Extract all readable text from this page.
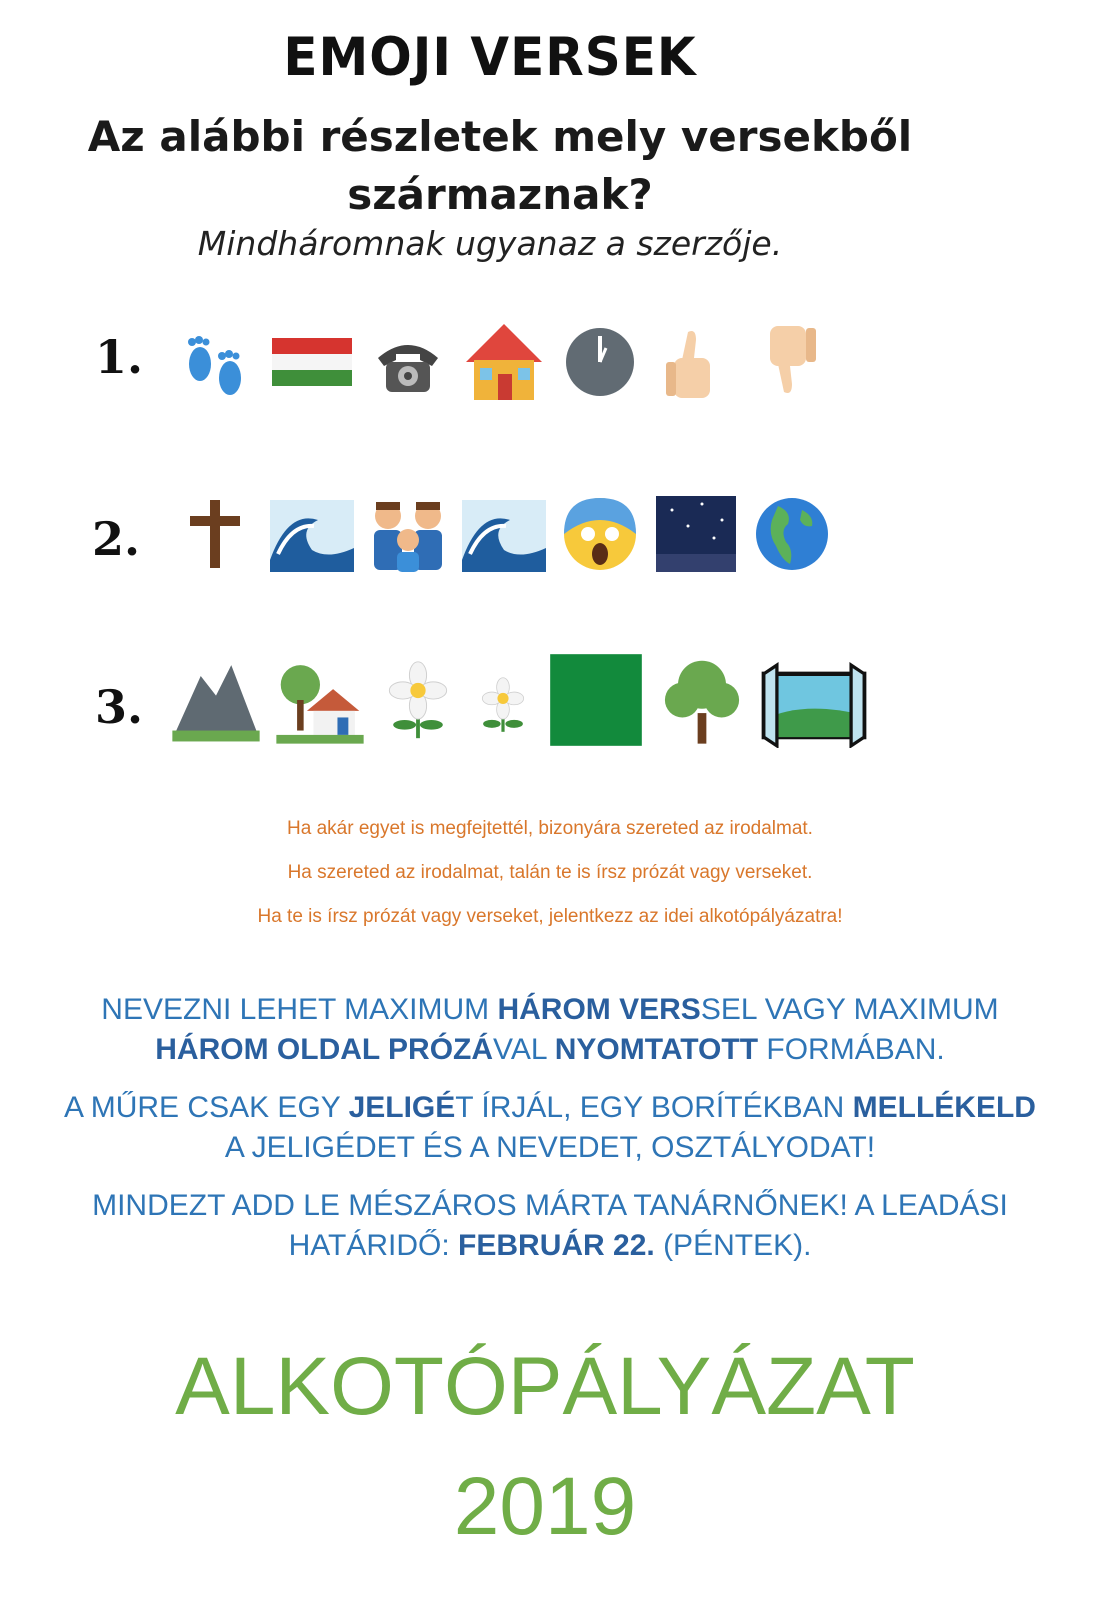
EMOJI VERSEK
Az alábbi részletek mely versekből
származnak?
Mindháromnak ugyanaz a szerzője.
1.
2.
3.
Ha akár egyet is megfejtettél, bizonyára szereted az irodalmat.
Ha szereted az irodalmat, talán te is írsz prózát vagy verseket.
Ha te is írsz prózát vagy verseket, jelentkezz az idei alkotópályázatra!
NEVEZNI LEHET MAXIMUM HÁROM VERSSEL VAGY MAXIMUM
HÁROM OLDAL PRÓZÁVAL NYOMTATOTT FORMÁBAN.
A MŰRE CSAK EGY JELIGÉT ÍRJÁL, EGY BORÍTÉKBAN MELLÉKELD
A JELIGÉDET ÉS A NEVEDET, OSZTÁLYODAT!
MINDEZT ADD LE MÉSZÁROS MÁRTA TANÁRNŐNEK! A LEADÁSI
HATÁRIDŐ: FEBRUÁR 22. (PÉNTEK).
ALKOTÓPÁLYÁZAT
2019
